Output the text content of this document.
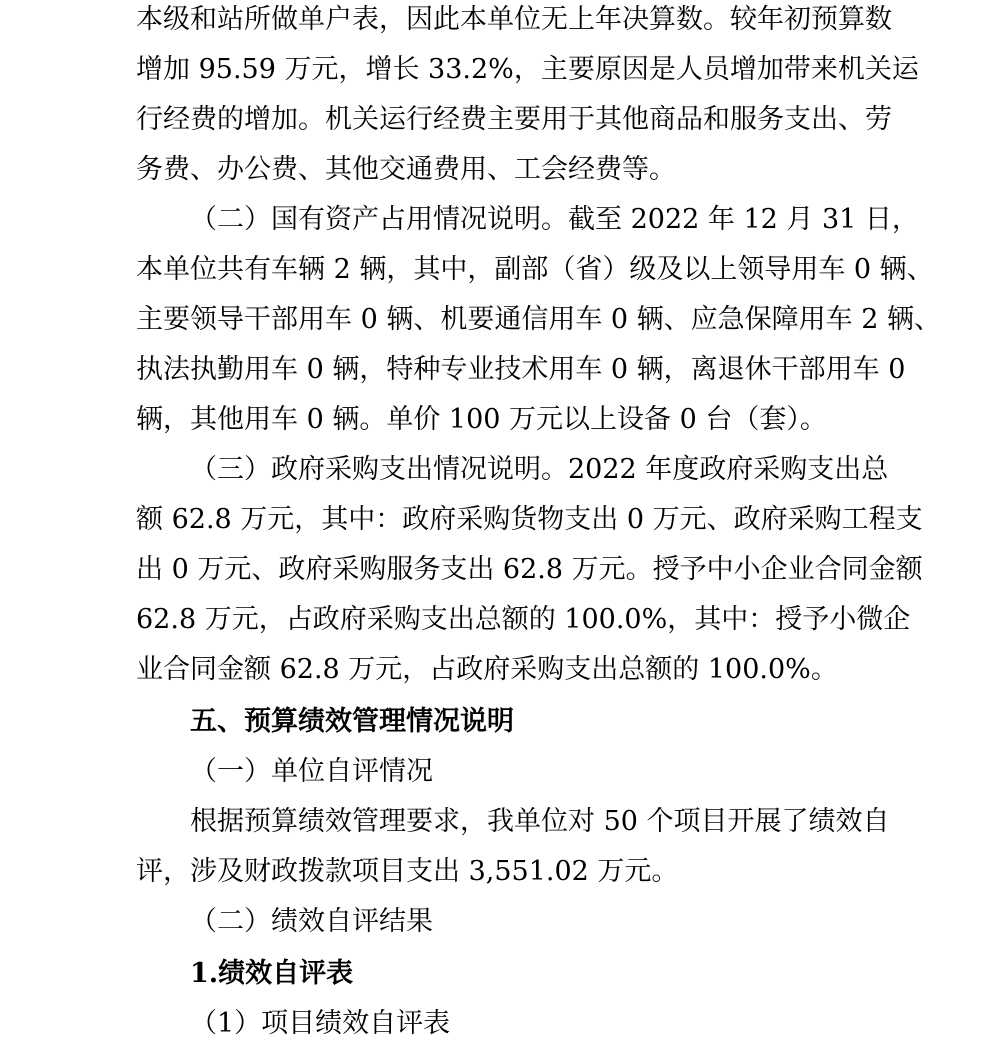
本级和站所做单户表，因此本单位无上年决算数。较年初预算数
增加 95.59 万元，增长 33.2%，主要原因是人员增加带来机关运
行经费的增加。机关运行经费主要用于其他商品和服务支出、劳
务费、办公费、其他交通费用、工会经费等。
（二）国有资产占用情况说明。截至 2022 年 12 月 31 日，
本单位共有车辆 2 辆，其中，副部（省）级及以上领导用车 0 辆、
主要领导干部用车 0 辆、机要通信用车 0 辆、应急保障用车 2 辆、
执法执勤用车 0 辆，特种专业技术用车 0 辆，离退休干部用车 0
辆，其他用车 0 辆。单价 100 万元以上设备 0 台（套）。
（三）政府采购支出情况说明。2022 年度政府采购支出总
额 62.8 万元，其中：政府采购货物支出 0 万元、政府采购工程支
出 0 万元、政府采购服务支出 62.8 万元。授予中小企业合同金额
62.8 万元，占政府采购支出总额的 100.0%，其中：授予小微企
业合同金额 62.8 万元，占政府采购支出总额的 100.0%。
五、预算绩效管理情况说明
（一）单位自评情况
根据预算绩效管理要求，我单位对 50 个项目开展了绩效自
评，涉及财政拨款项目支出 3,551.02 万元。
（二）绩效自评结果
1.绩效自评表
（1）项目绩效自评表
